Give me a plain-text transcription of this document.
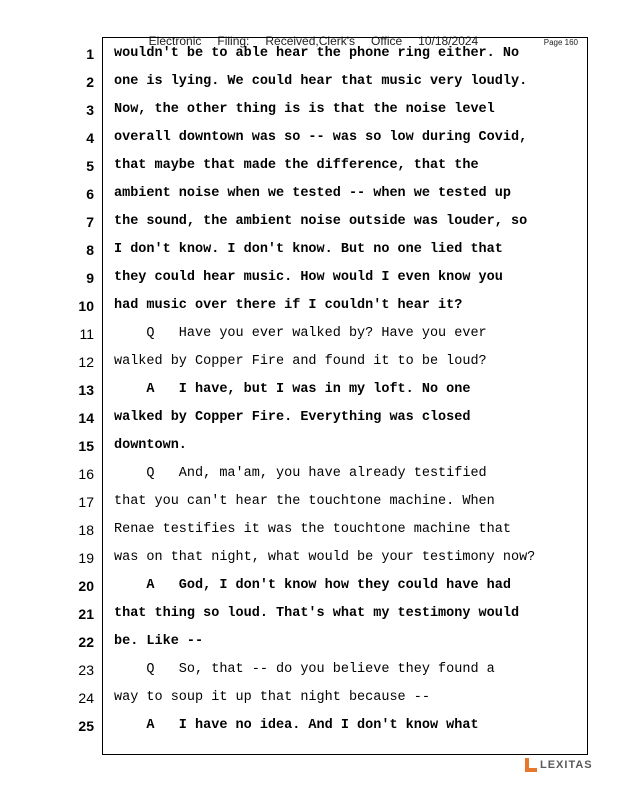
Electronic Filing: Received,Clerk's Office 10/18/2024	Page 160
1
2
3
4
5
6
7
8
9
10
11
12
13
14
15
16
17
18
19
20
21
22
23
24
25
wouldn't be to able hear the phone ring either. No
one is lying. We could hear that music very loudly.
Now, the other thing is is that the noise level
overall downtown was so -- was so low during Covid,
that maybe that made the difference, that the
ambient noise when we tested -- when we tested up
the sound, the ambient noise outside was louder, so
I don't know. I don't know. But no one lied that
they could hear music. How would I even know you
had music over there if I couldn't hear it?
Q   Have you ever walked by? Have you ever
walked by Copper Fire and found it to be loud?
A   I have, but I was in my loft. No one
walked by Copper Fire. Everything was closed
downtown.
Q   And, ma'am, you have already testified
that you can't hear the touchtone machine. When
Renae testifies it was the touchtone machine that
was on that night, what would be your testimony now?
A   God, I don't know how they could have had
that thing so loud. That's what my testimony would
be. Like --
Q   So, that -- do you believe they found a
way to soup it up that night because --
A   I have no idea. And I don't know what
LEXITAS
